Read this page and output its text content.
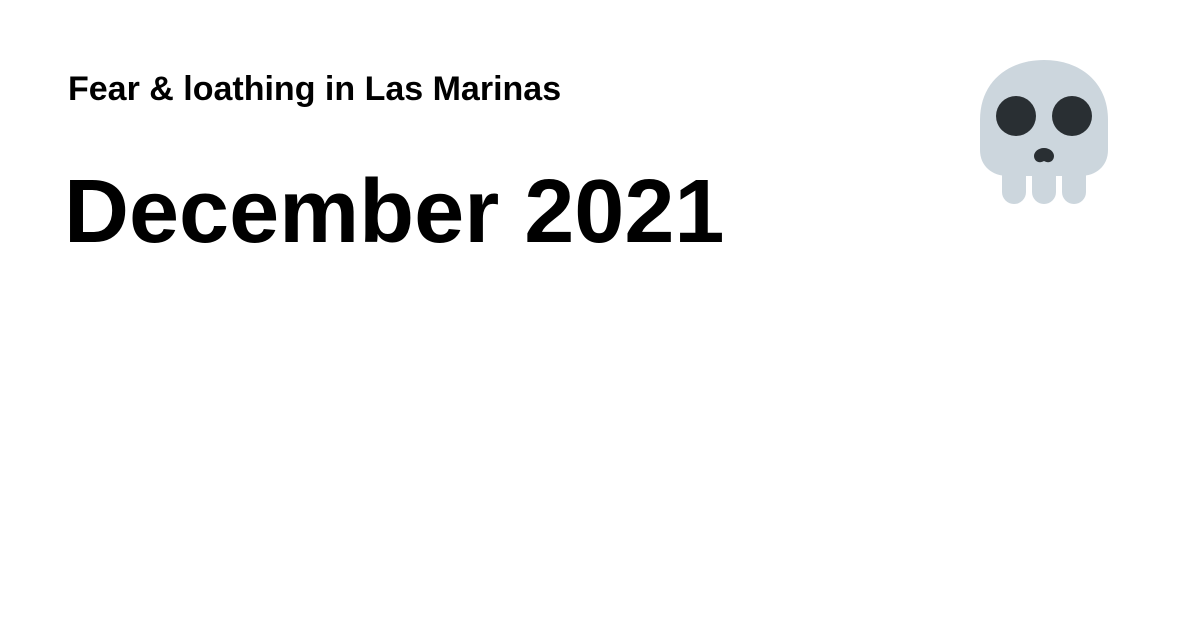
Fear & loathing in Las Marinas
December 2021
